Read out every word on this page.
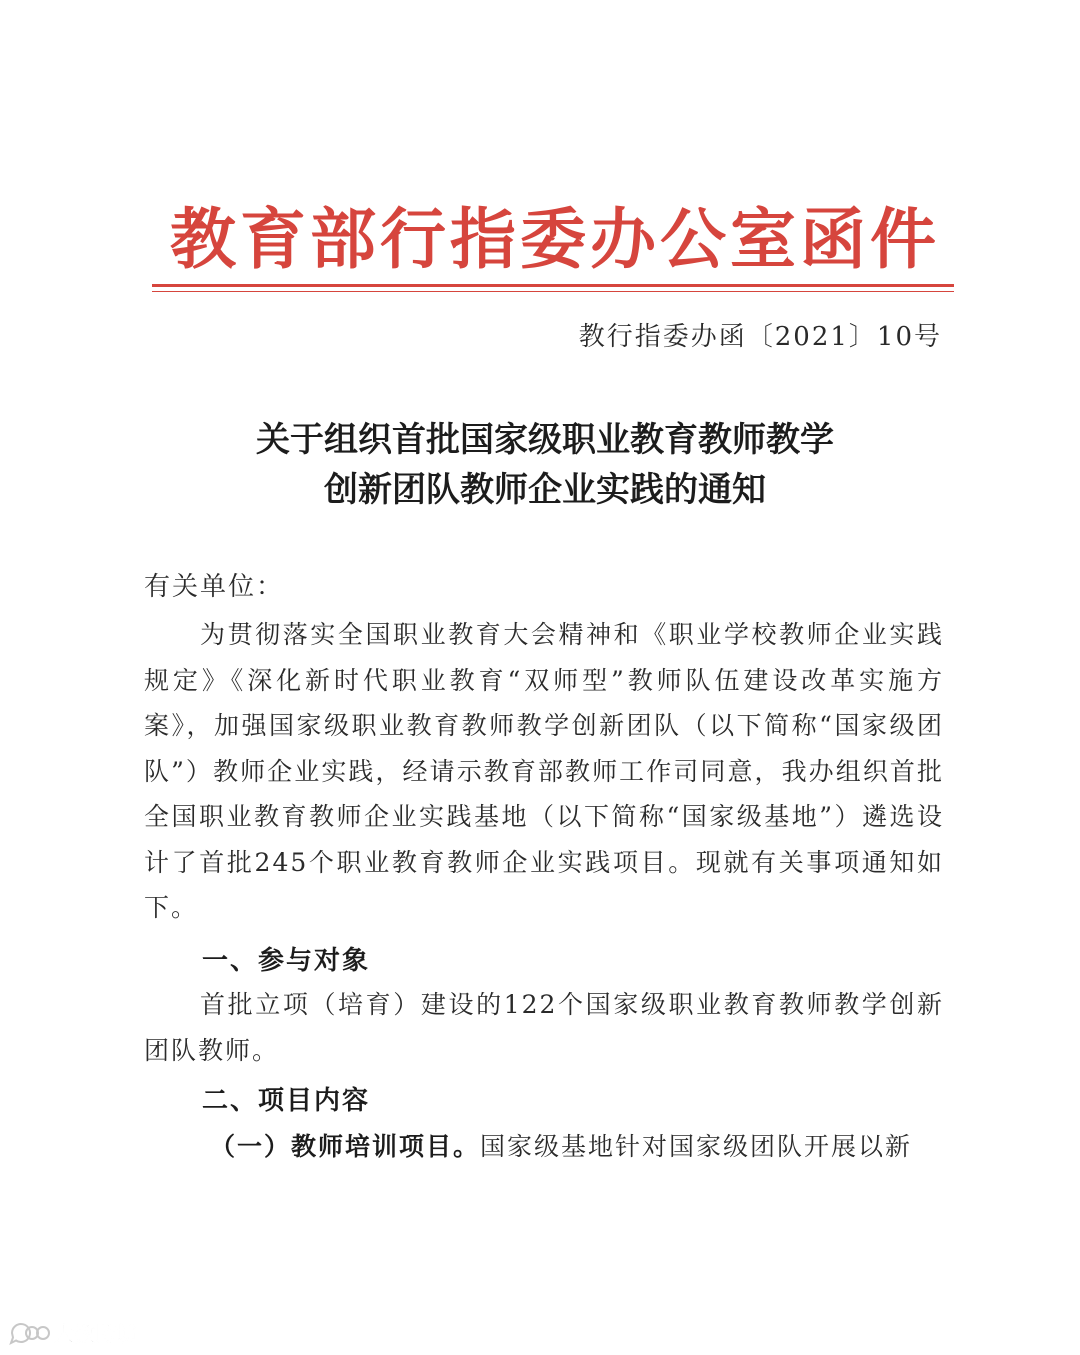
教育部行指委办公室函件
教行指委办函〔2021〕10号
关于组织首批国家级职业教育教师教学
创新团队教师企业实践的通知
有关单位：
为贯彻落实全国职业教育大会精神和《职业学校教师企业实践规定》《深化新时代职业教育“双师型”教师队伍建设改革实施方案》，加强国家级职业教育教师教学创新团队（以下简称“国家级团队”）教师企业实践，经请示教育部教师工作司同意，我办组织首批全国职业教育教师企业实践基地（以下简称“国家级基地”）遴选设计了首批245个职业教育教师企业实践项目。现就有关事项通知如下。
一、参与对象
首批立项（培育）建设的122个国家级职业教育教师教学创新团队教师。
二、项目内容
（一）教师培训项目。国家级基地针对国家级团队开展以新
大数跨境
